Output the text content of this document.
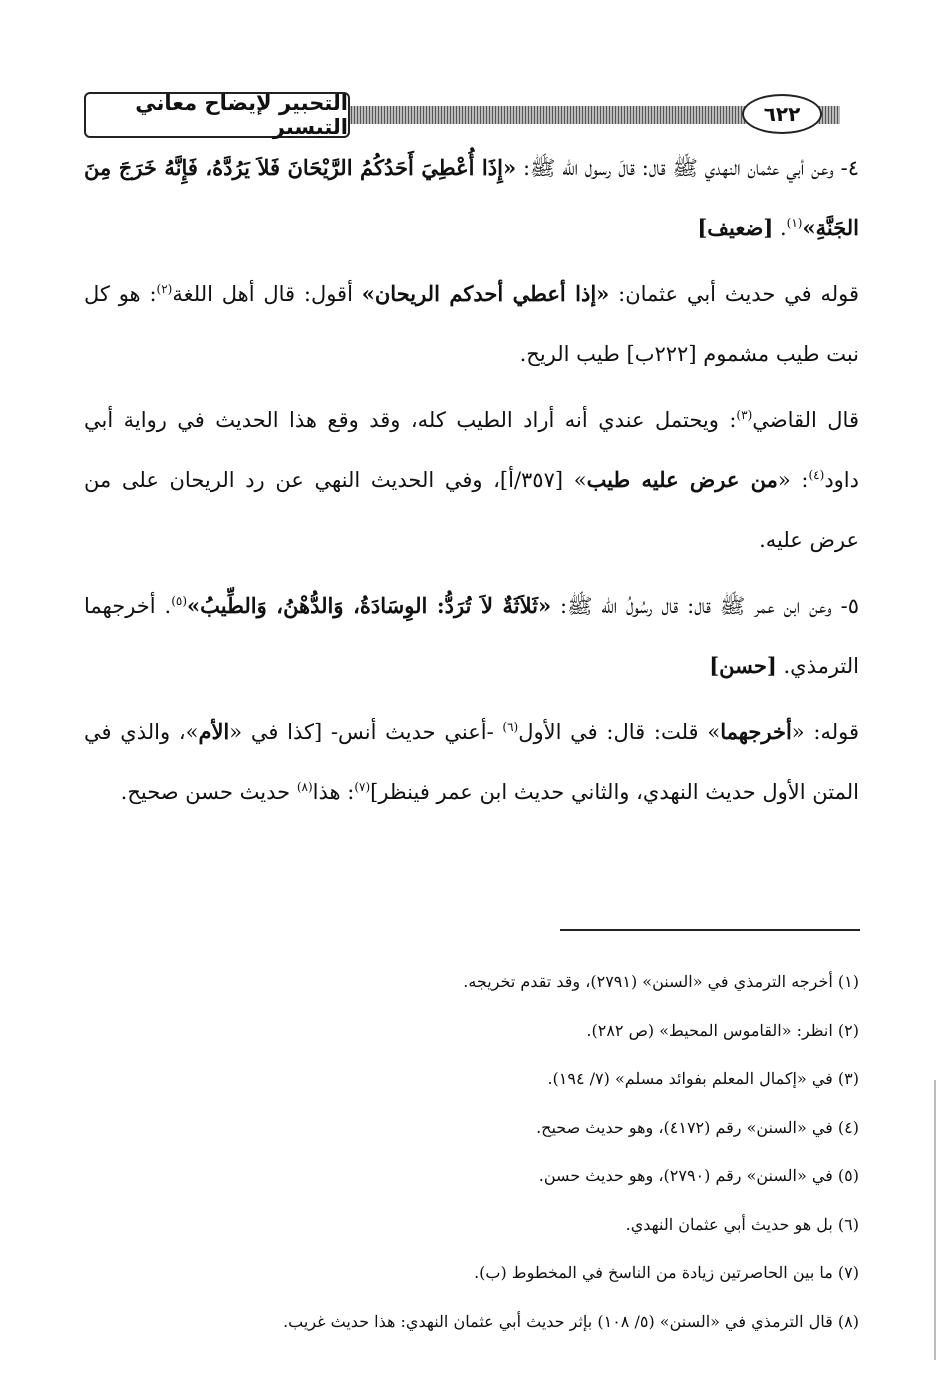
التحبير لإيضاح معاني التيسير
٦٢٢

٤- وعن أبي عثمان النهدي ﷺ قال: قالَ رسول الله ﷺ: «إِذَا أُعْطِيَ أَحَدُكُمُ الرَّيْحَانَ فَلاَ يَرُدَّهُ، فَإِنَّهُ خَرَجَ مِنَ الجَنَّةِ»$^{(١)}$. [ضعيف]

قوله في حديث أبي عثمان: «إذا أعطي أحدكم الريحان» أقول: قال أهل اللغة$^{(٢)}$: هو كل نبت طيب مشموم [٢٢٢ب] طيب الريح.

قال القاضي$^{(٣)}$: ويحتمل عندي أنه أراد الطيب كله، وقد وقع هذا الحديث في رواية أبي داود$^{(٤)}$: «من عرض عليه طيب» [٣٥٧/أ]، وفي الحديث النهي عن رد الريحان على من عرض عليه.

٥- وعن ابن عمر ﷺ قال: قال رسُولُ الله ﷺ: «ثَلاَثَةٌ لاَ تُرَدُّ: الوِسَادَةُ، وَالدُّهْنُ، وَالطِّيبُ»$^{(٥)}$. أخرجهما الترمذي. [حسن]

قوله: «أخرجهما» قلت: قال: في الأول$^{(٦)}$ -أعني حديث أنس- [كذا في «الأم»، والذي في المتن الأول حديث النهدي، والثاني حديث ابن عمر فينظر]$^{(٧)}$: هذا$^{(٨)}$ حديث حسن صحيح.

(١) أخرجه الترمذي في «السنن» (٢٧٩١)، وقد تقدم تخريجه.

(٢) انظر: «القاموس المحيط» (ص ٢٨٢).

(٣) في «إكمال المعلم بفوائد مسلم» (٧/ ١٩٤).

(٤) في «السنن» رقم (٤١٧٢)، وهو حديث صحيح.

(٥) في «السنن» رقم (٢٧٩٠)، وهو حديث حسن.

(٦) بل هو حديث أبي عثمان النهدي.

(٧) ما بين الحاصرتين زيادة من الناسخ في المخطوط (ب).

(٨) قال الترمذي في «السنن» (٥/ ١٠٨) بإثر حديث أبي عثمان النهدي: هذا حديث غريب.
